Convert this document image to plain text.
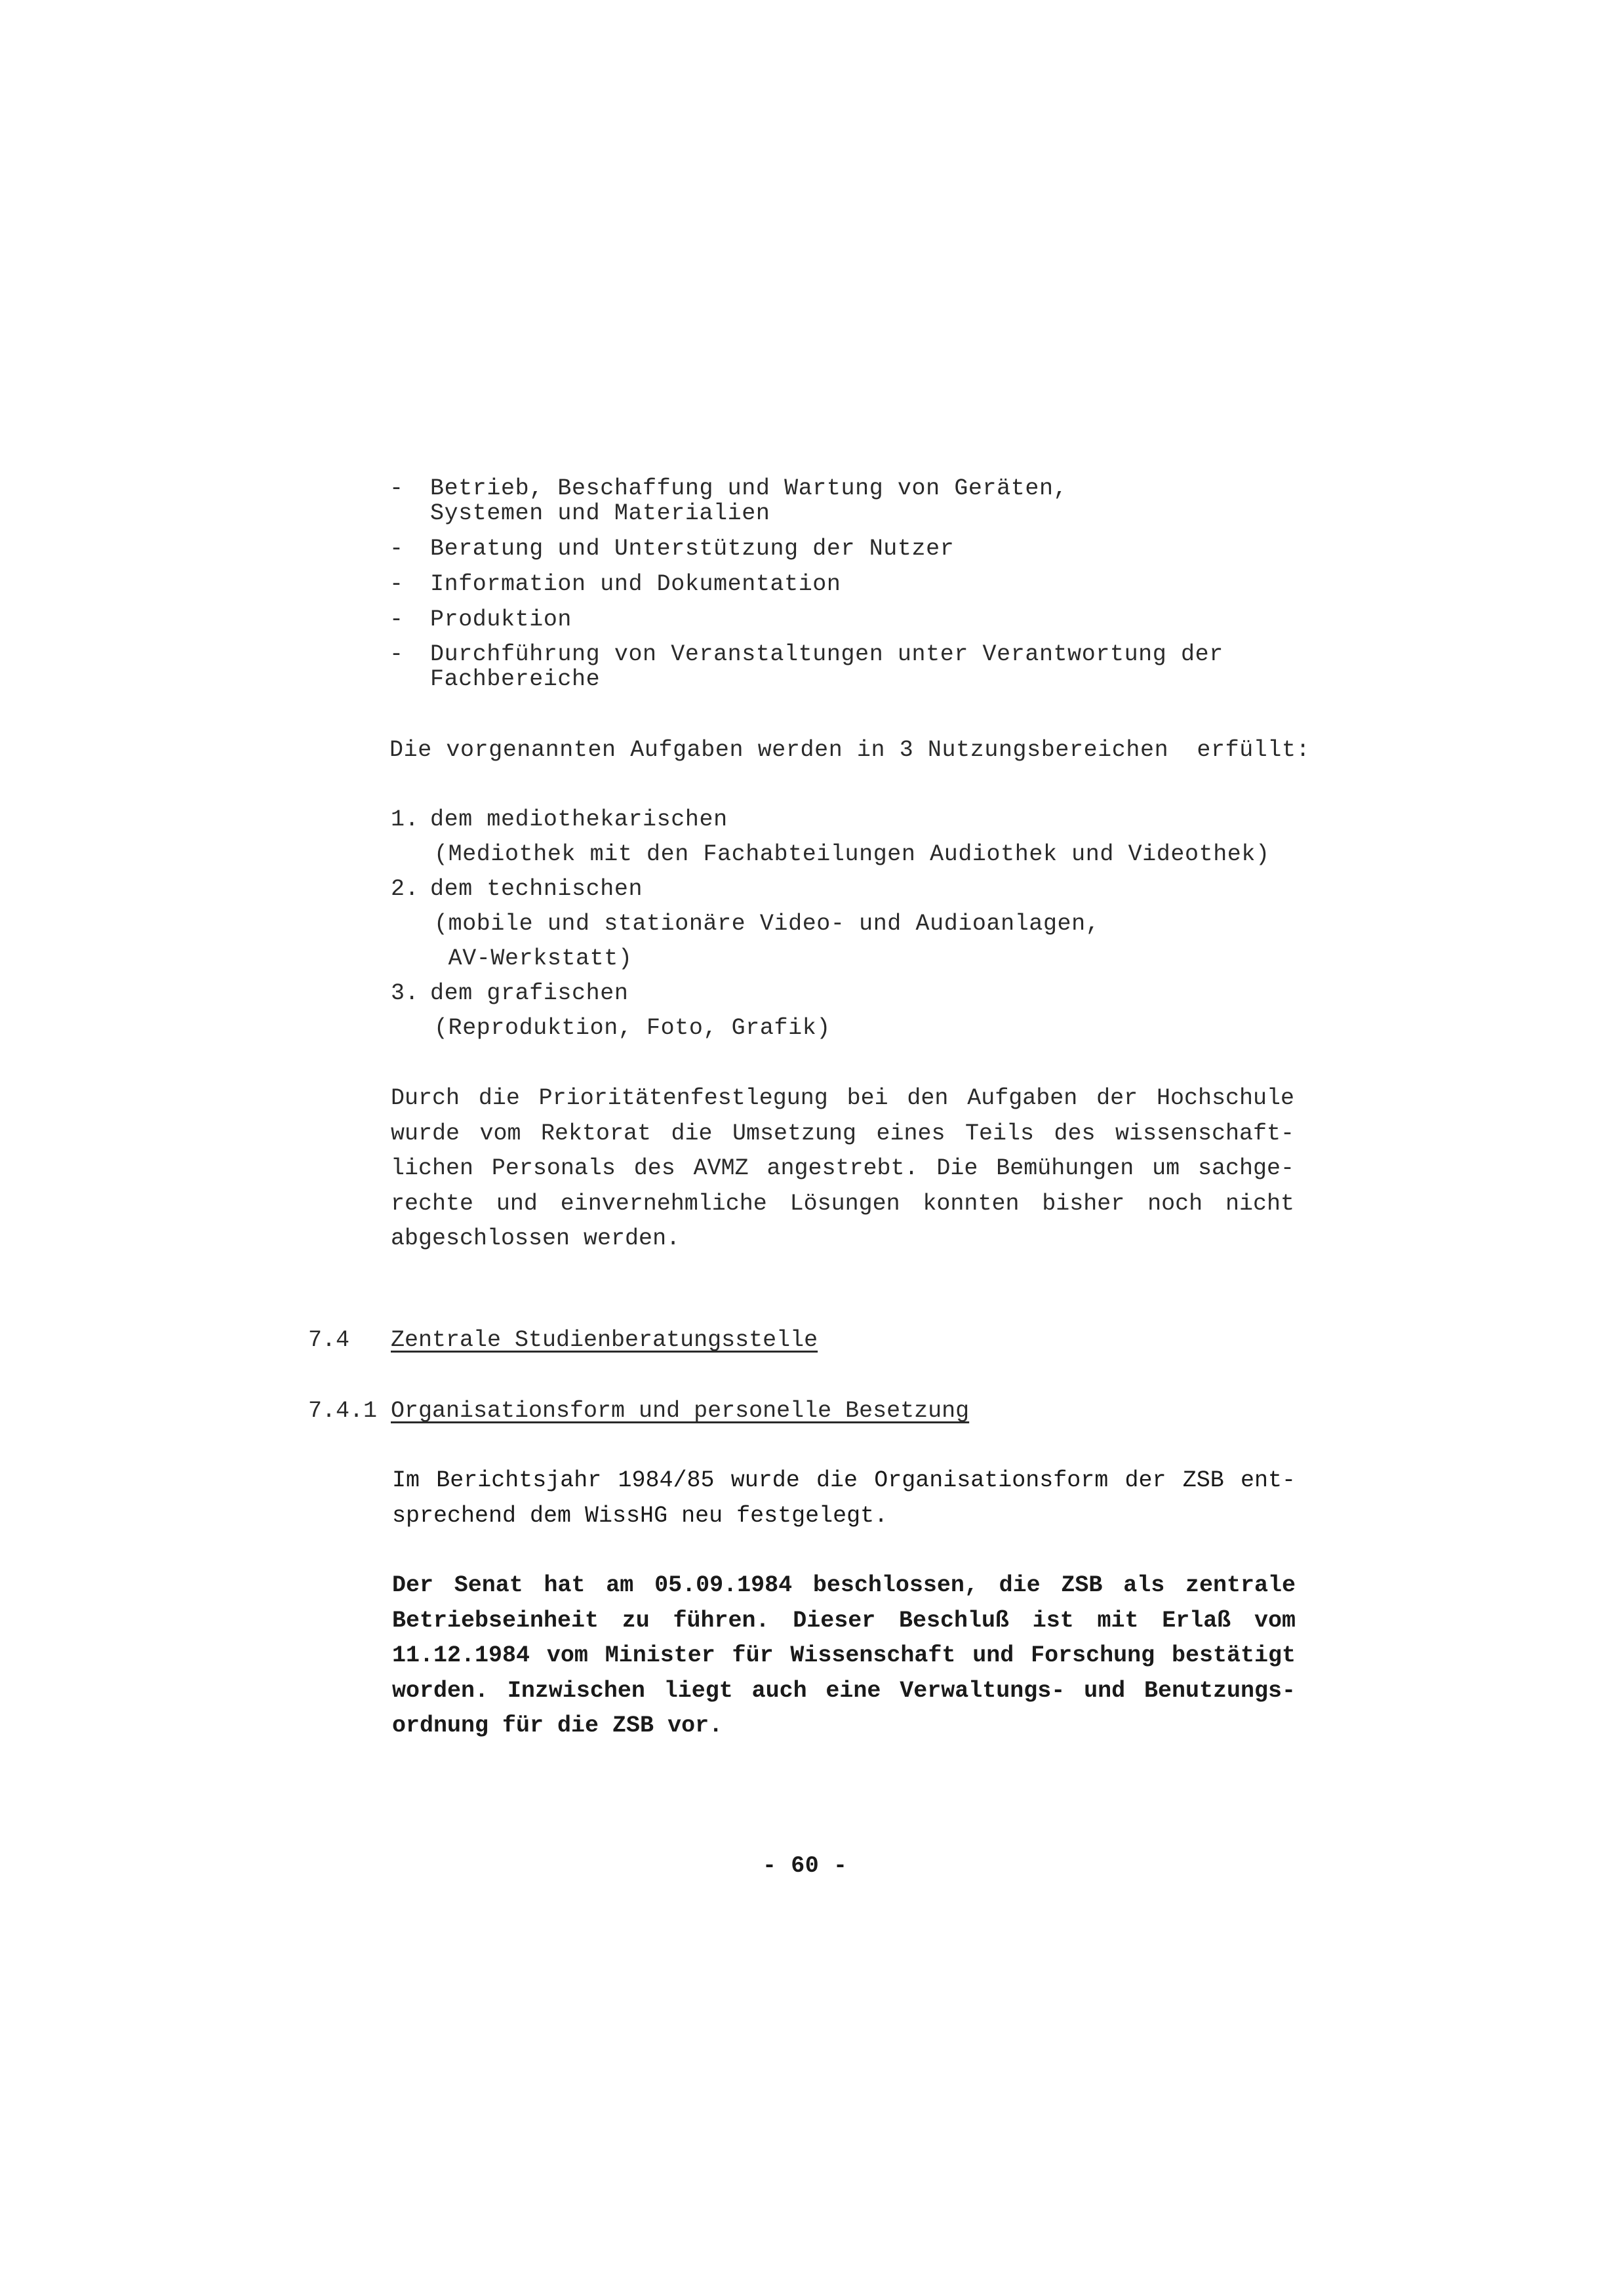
- Betrieb, Beschaffung und Wartung von Geräten,
Systemen und Materialien
- Beratung und Unterstützung der Nutzer
- Information und Dokumentation
- Produktion
- Durchführung von Veranstaltungen unter Verantwortung der
Fachbereiche
Die vorgenannten Aufgaben werden in 3 Nutzungsbereichen  erfüllt:
1. dem mediothekarischen
(Mediothek mit den Fachabteilungen Audiothek und Videothek)
2. dem technischen
(mobile und stationäre Video- und Audioanlagen,
AV-Werkstatt)
3. dem grafischen
(Reproduktion, Foto, Grafik)
Durch die Prioritätenfestlegung bei den Aufgaben der Hochschule
wurde vom Rektorat die Umsetzung eines Teils des wissenschaft-
lichen Personals des AVMZ angestrebt. Die Bemühungen um sachge-
rechte und einvernehmliche Lösungen konnten bisher noch nicht
abgeschlossen werden.
7.4 Zentrale Studienberatungsstelle
7.4.1 Organisationsform und personelle Besetzung
Im Berichtsjahr 1984/85 wurde die Organisationsform der ZSB ent-
sprechend dem WissHG neu festgelegt.
Der Senat hat am 05.09.1984 beschlossen, die ZSB als zentrale
Betriebseinheit zu führen. Dieser Beschluß ist mit Erlaß vom
11.12.1984 vom Minister für Wissenschaft und Forschung bestätigt
worden. Inzwischen liegt auch eine Verwaltungs- und Benutzungs-
ordnung für die ZSB vor.
- 60 -
